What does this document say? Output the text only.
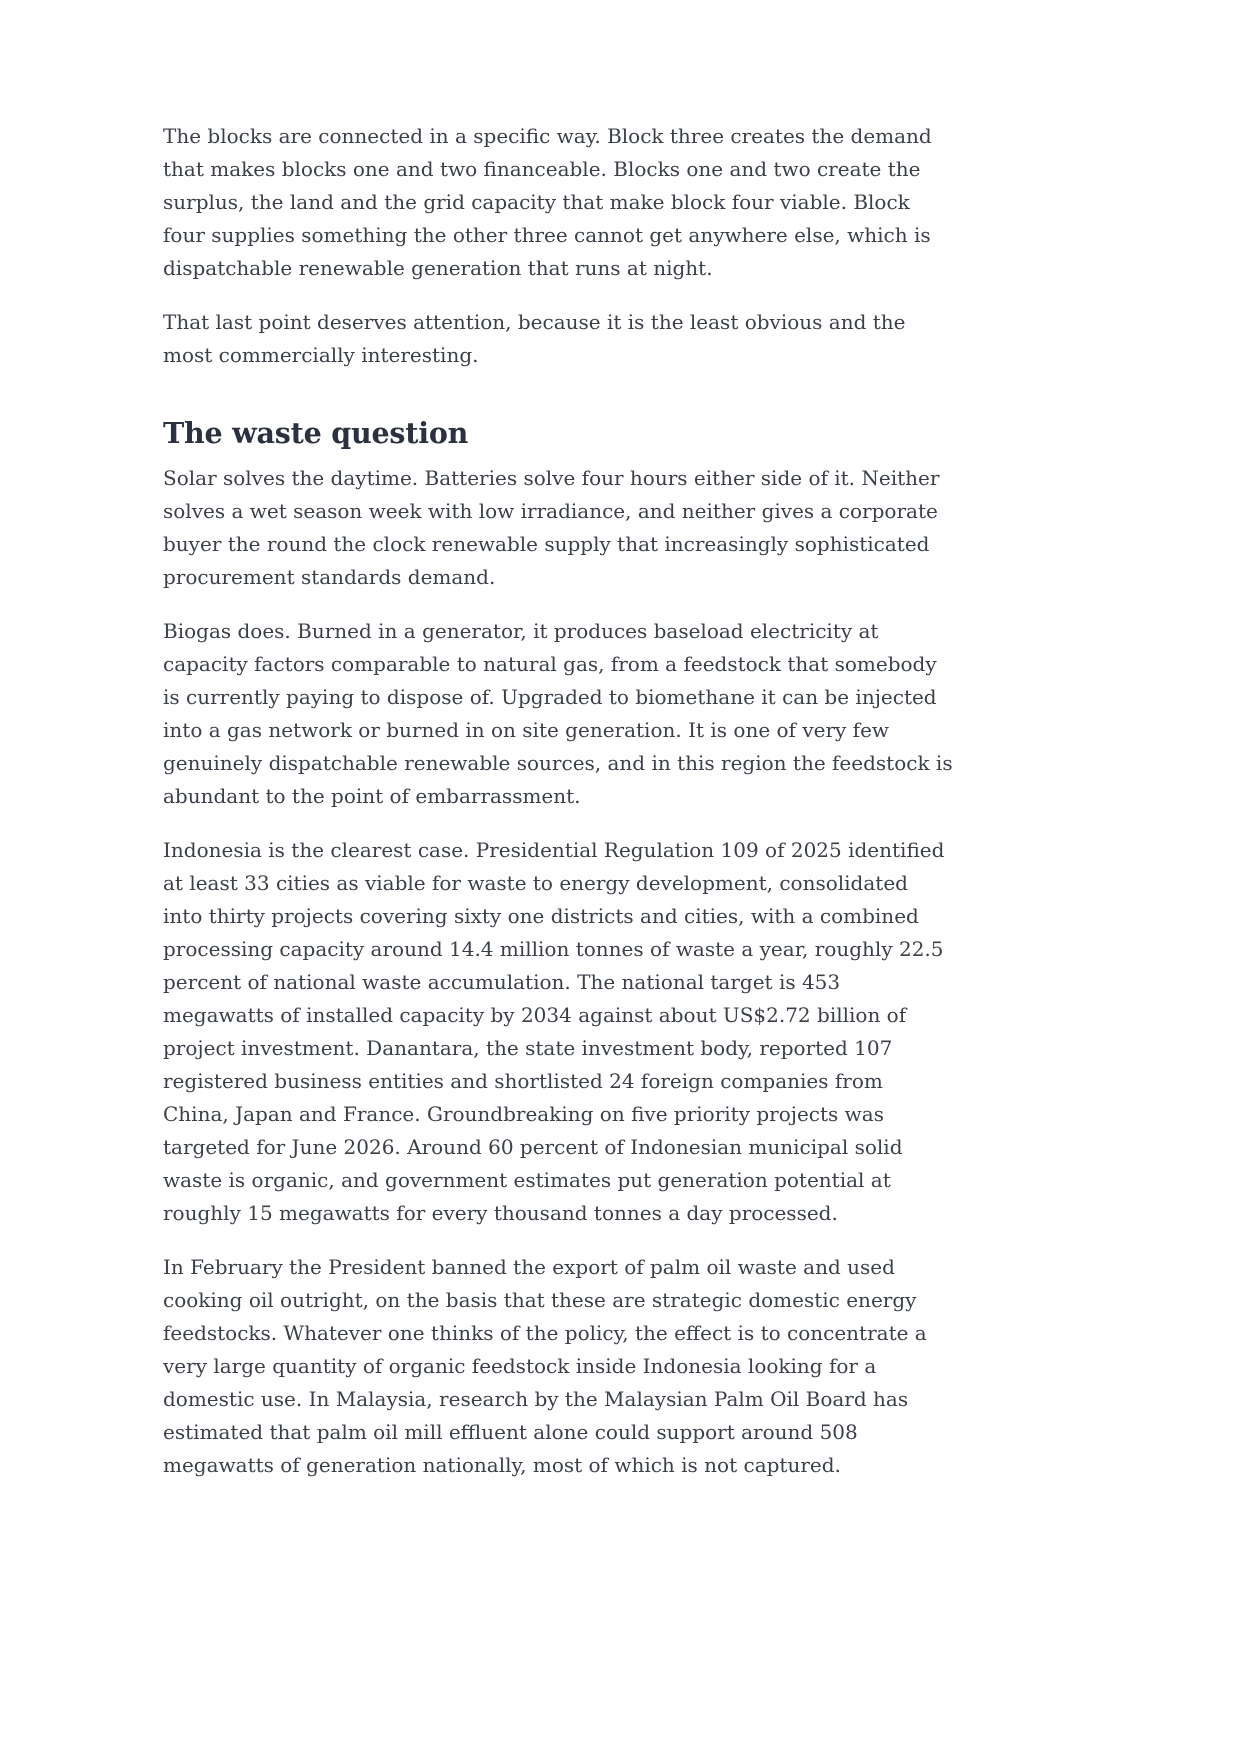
The blocks are connected in a specific way. Block three creates the demand that makes blocks one and two financeable. Blocks one and two create the surplus, the land and the grid capacity that make block four viable. Block four supplies something the other three cannot get anywhere else, which is dispatchable renewable generation that runs at night.

That last point deserves attention, because it is the least obvious and the most commercially interesting.

The waste question

Solar solves the daytime. Batteries solve four hours either side of it. Neither solves a wet season week with low irradiance, and neither gives a corporate buyer the round the clock renewable supply that increasingly sophisticated procurement standards demand.

Biogas does. Burned in a generator, it produces baseload electricity at capacity factors comparable to natural gas, from a feedstock that somebody is currently paying to dispose of. Upgraded to biomethane it can be injected into a gas network or burned in on site generation. It is one of very few genuinely dispatchable renewable sources, and in this region the feedstock is abundant to the point of embarrassment.

Indonesia is the clearest case. Presidential Regulation 109 of 2025 identified at least 33 cities as viable for waste to energy development, consolidated into thirty projects covering sixty one districts and cities, with a combined processing capacity around 14.4 million tonnes of waste a year, roughly 22.5 percent of national waste accumulation. The national target is 453 megawatts of installed capacity by 2034 against about US$2.72 billion of project investment. Danantara, the state investment body, reported 107 registered business entities and shortlisted 24 foreign companies from China, Japan and France. Groundbreaking on five priority projects was targeted for June 2026. Around 60 percent of Indonesian municipal solid waste is organic, and government estimates put generation potential at roughly 15 megawatts for every thousand tonnes a day processed.

In February the President banned the export of palm oil waste and used cooking oil outright, on the basis that these are strategic domestic energy feedstocks. Whatever one thinks of the policy, the effect is to concentrate a very large quantity of organic feedstock inside Indonesia looking for a domestic use. In Malaysia, research by the Malaysian Palm Oil Board has estimated that palm oil mill effluent alone could support around 508 megawatts of generation nationally, most of which is not captured.
